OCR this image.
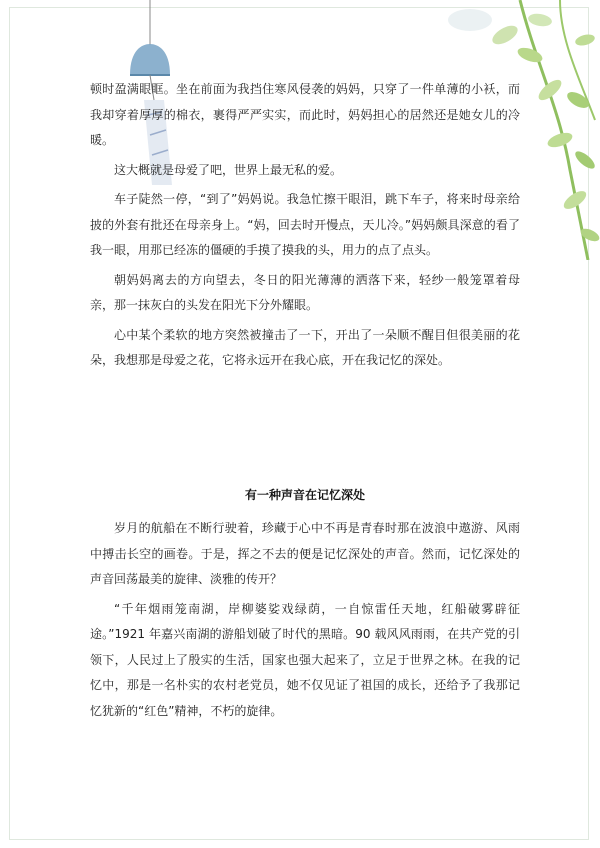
顿时盈满眼眶。坐在前面为我挡住寒风侵袭的妈妈，只穿了一件单薄的小袄，而我却穿着厚厚的棉衣，裹得严严实实，而此时，妈妈担心的居然还是她女儿的冷暖。

这大概就是母爱了吧，世界上最无私的爱。

车子陡然一停，“到了”妈妈说。我急忙擦干眼泪，跳下车子，将来时母亲给披的外套有批还在母亲身上。“妈，回去时开慢点，天儿冷。”妈妈颇具深意的看了我一眼，用那已经冻的僵硬的手摸了摸我的头，用力的点了点头。

朝妈妈离去的方向望去，冬日的阳光薄薄的洒落下来，轻纱一般笼罩着母亲，那一抹灰白的头发在阳光下分外耀眼。

心中某个柔软的地方突然被撞击了一下，开出了一朵顺不醒目但很美丽的花朵，我想那是母爱之花，它将永远开在我心底，开在我记忆的深处。

有一种声音在记忆深处

岁月的航船在不断行驶着，珍藏于心中不再是青春时那在波浪中遨游、风雨中搏击长空的画卷。于是，挥之不去的便是记忆深处的声音。然而，记忆深处的声音回荡最美的旋律、淡雅的传开？

“千年烟雨笼南湖，岸柳婆娑戏绿荫，一自惊雷任天地，红船破雾辟征途。”1921 年嘉兴南湖的游船划破了时代的黑暗。90 载风风雨雨，在共产党的引领下，人民过上了殷实的生活，国家也强大起来了，立足于世界之林。在我的记忆中，那是一名朴实的农村老党员，她不仅见证了祖国的成长，还给予了我那记忆犹新的“红色”精神，不朽的旋律。
